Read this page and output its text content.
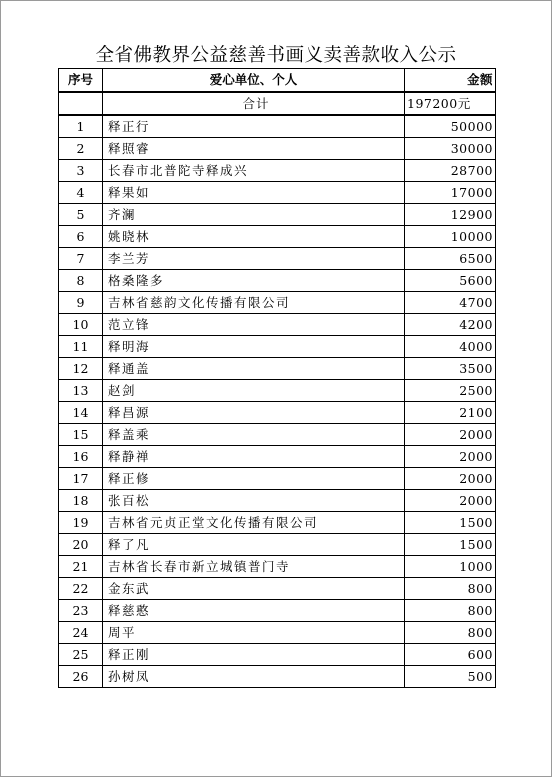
全省佛教界公益慈善书画义卖善款收入公示
序号	爱心单位、个人	金额
	合计	197200元
1	释正行	50000
2	释照睿	30000
3	长春市北普陀寺释成兴	28700
4	释果如	17000
5	齐澜	12900
6	姚晓林	10000
7	李兰芳	6500
8	格桑隆多	5600
9	吉林省慈韵文化传播有限公司	4700
10	范立锋	4200
11	释明海	4000
12	释通盖	3500
13	赵剑	2500
14	释昌源	2100
15	释盖乘	2000
16	释静禅	2000
17	释正修	2000
18	张百松	2000
19	吉林省元贞正堂文化传播有限公司	1500
20	释了凡	1500
21	吉林省长春市新立城镇普门寺	1000
22	金东武	800
23	释慈憨	800
24	周平	800
25	释正刚	600
26	孙树凤	500
